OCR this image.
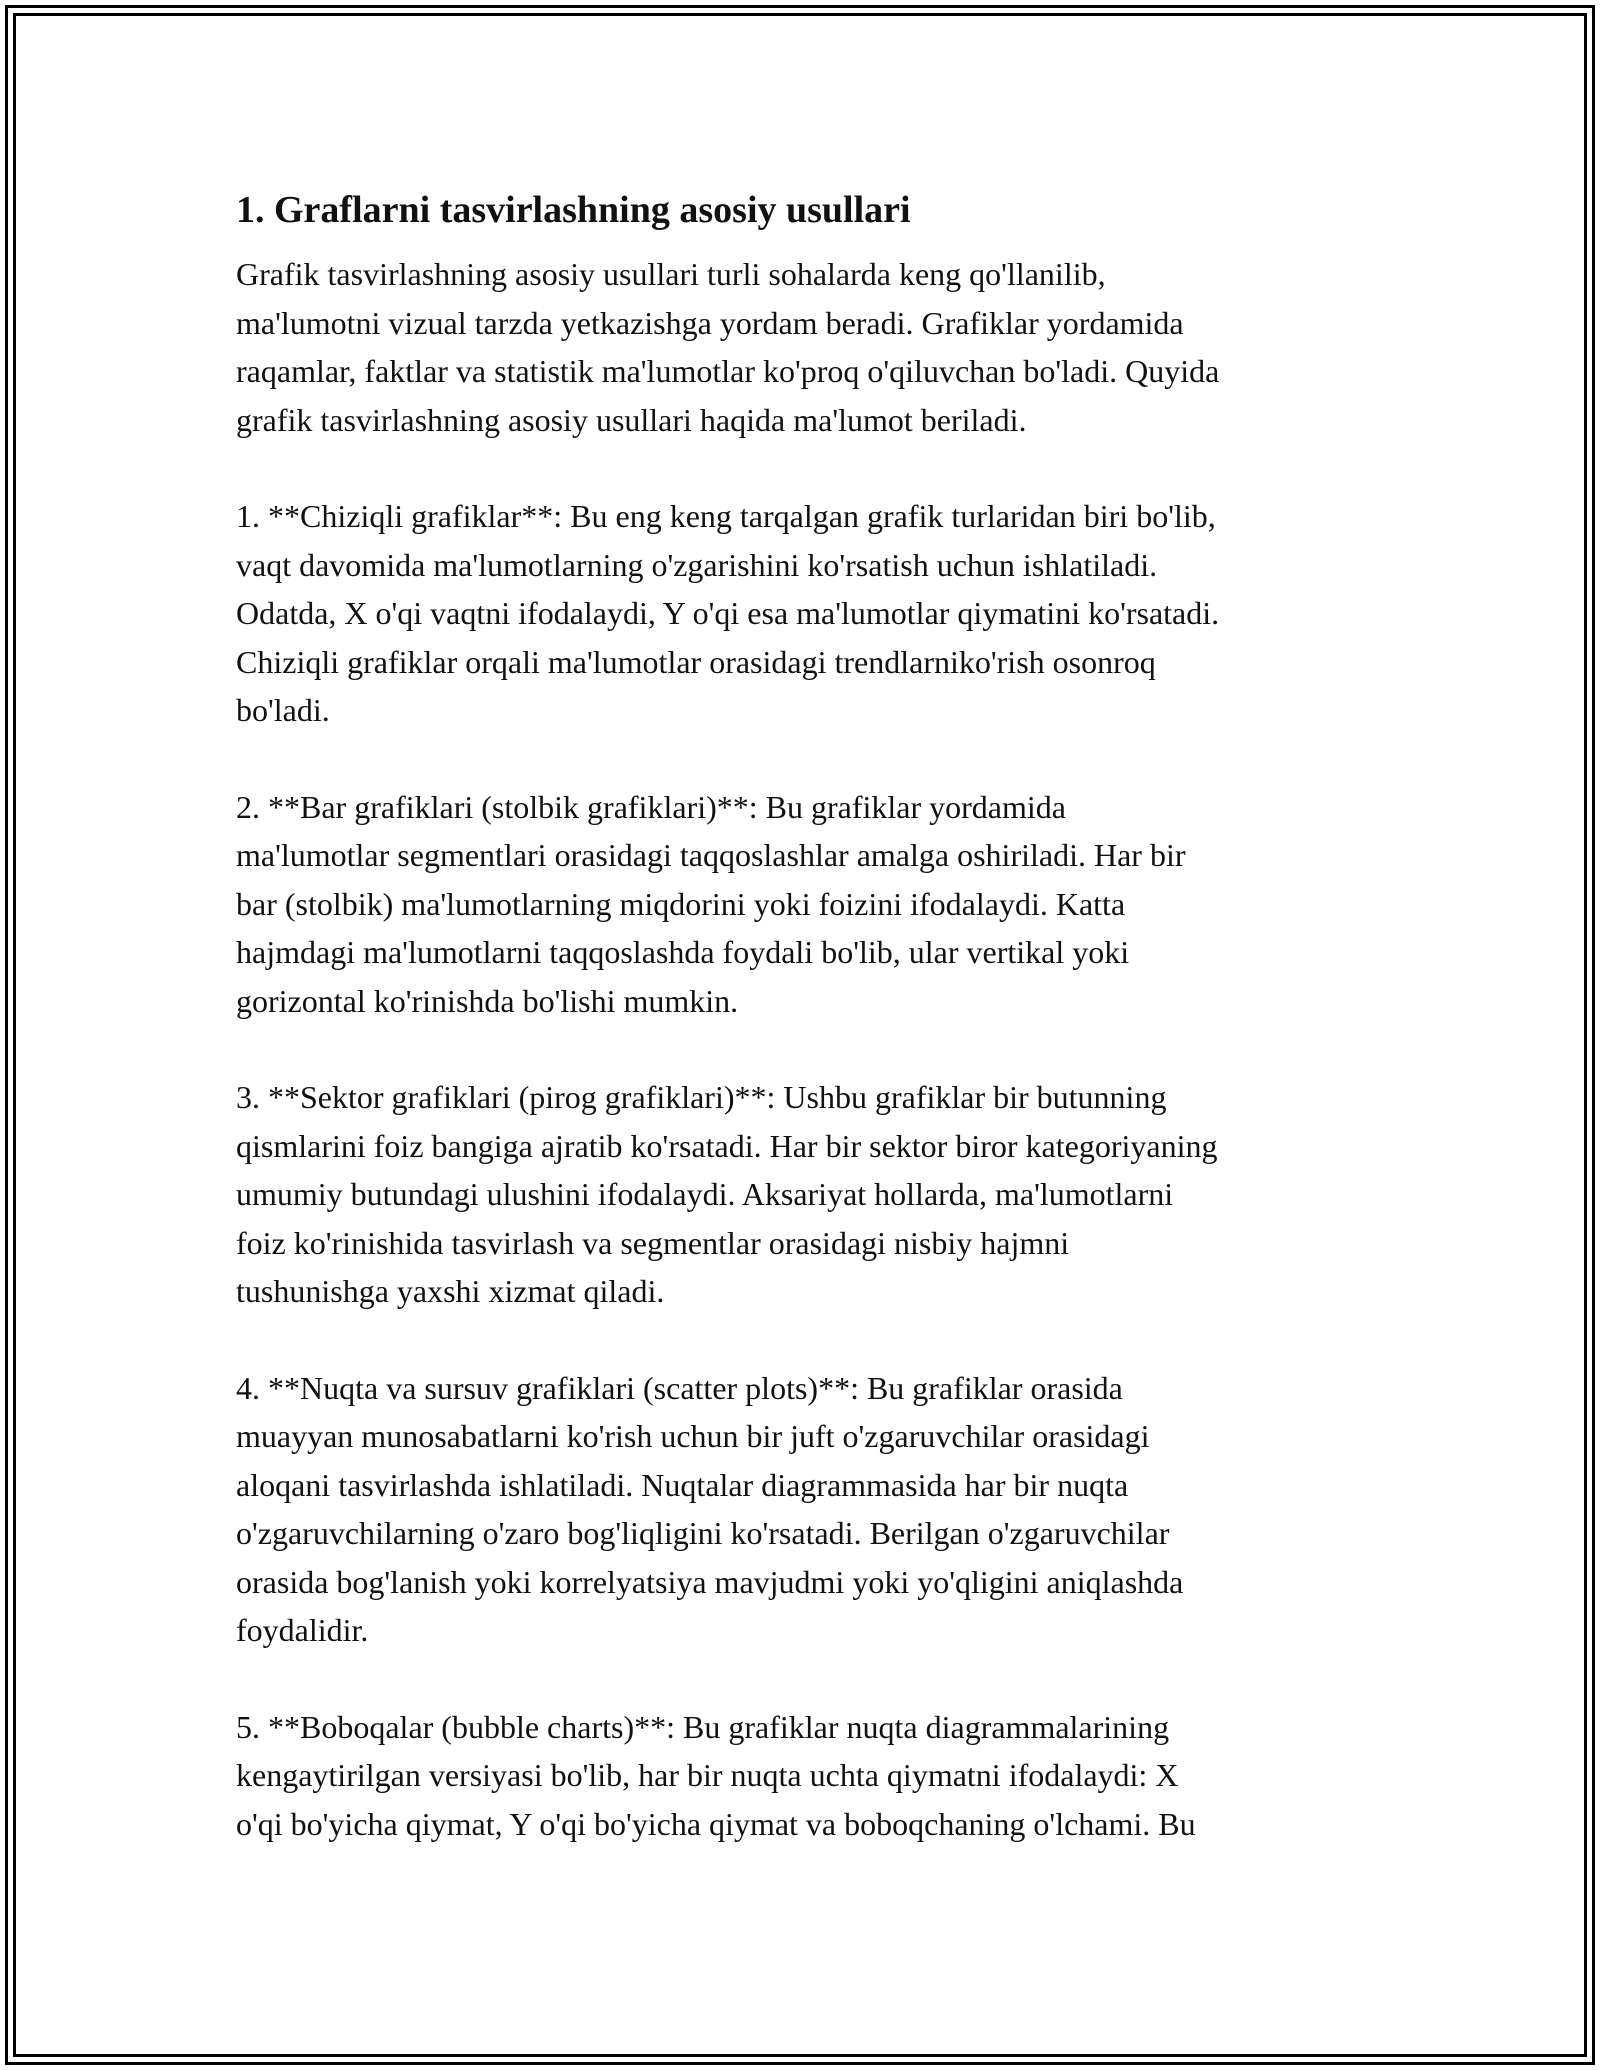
1. Graflarni tasvirlashning asosiy usullari

Grafik tasvirlashning asosiy usullari turli sohalarda keng qo'llanilib,
ma'lumotni vizual tarzda yetkazishga yordam beradi. Grafiklar yordamida
raqamlar, faktlar va statistik ma'lumotlar ko'proq o'qiluvchan bo'ladi. Quyida
grafik tasvirlashning asosiy usullari haqida ma'lumot beriladi.

1. **Chiziqli grafiklar**: Bu eng keng tarqalgan grafik turlaridan biri bo'lib,
vaqt davomida ma'lumotlarning o'zgarishini ko'rsatish uchun ishlatiladi.
Odatda, X o'qi vaqtni ifodalaydi, Y o'qi esa ma'lumotlar qiymatini ko'rsatadi.
Chiziqli grafiklar orqali ma'lumotlar orasidagi trendlarniko'rish osonroq
bo'ladi.

2. **Bar grafiklari (stolbik grafiklari)**: Bu grafiklar yordamida
ma'lumotlar segmentlari orasidagi taqqoslashlar amalga oshiriladi. Har bir
bar (stolbik) ma'lumotlarning miqdorini yoki foizini ifodalaydi. Katta
hajmdagi ma'lumotlarni taqqoslashda foydali bo'lib, ular vertikal yoki
gorizontal ko'rinishda bo'lishi mumkin.

3. **Sektor grafiklari (pirog grafiklari)**: Ushbu grafiklar bir butunning
qismlarini foiz bangiga ajratib ko'rsatadi. Har bir sektor biror kategoriyaning
umumiy butundagi ulushini ifodalaydi. Aksariyat hollarda, ma'lumotlarni
foiz ko'rinishida tasvirlash va segmentlar orasidagi nisbiy hajmni
tushunishga yaxshi xizmat qiladi.

4. **Nuqta va sursuv grafiklari (scatter plots)**: Bu grafiklar orasida
muayyan munosabatlarni ko'rish uchun bir juft o'zgaruvchilar orasidagi
aloqani tasvirlashda ishlatiladi. Nuqtalar diagrammasida har bir nuqta
o'zgaruvchilarning o'zaro bog'liqligini ko'rsatadi. Berilgan o'zgaruvchilar
orasida bog'lanish yoki korrelyatsiya mavjudmi yoki yo'qligini aniqlashda
foydalidir.

5. **Boboqalar (bubble charts)**: Bu grafiklar nuqta diagrammalarining
kengaytirilgan versiyasi bo'lib, har bir nuqta uchta qiymatni ifodalaydi: X
o'qi bo'yicha qiymat, Y o'qi bo'yicha qiymat va boboqchaning o'lchami. Bu
